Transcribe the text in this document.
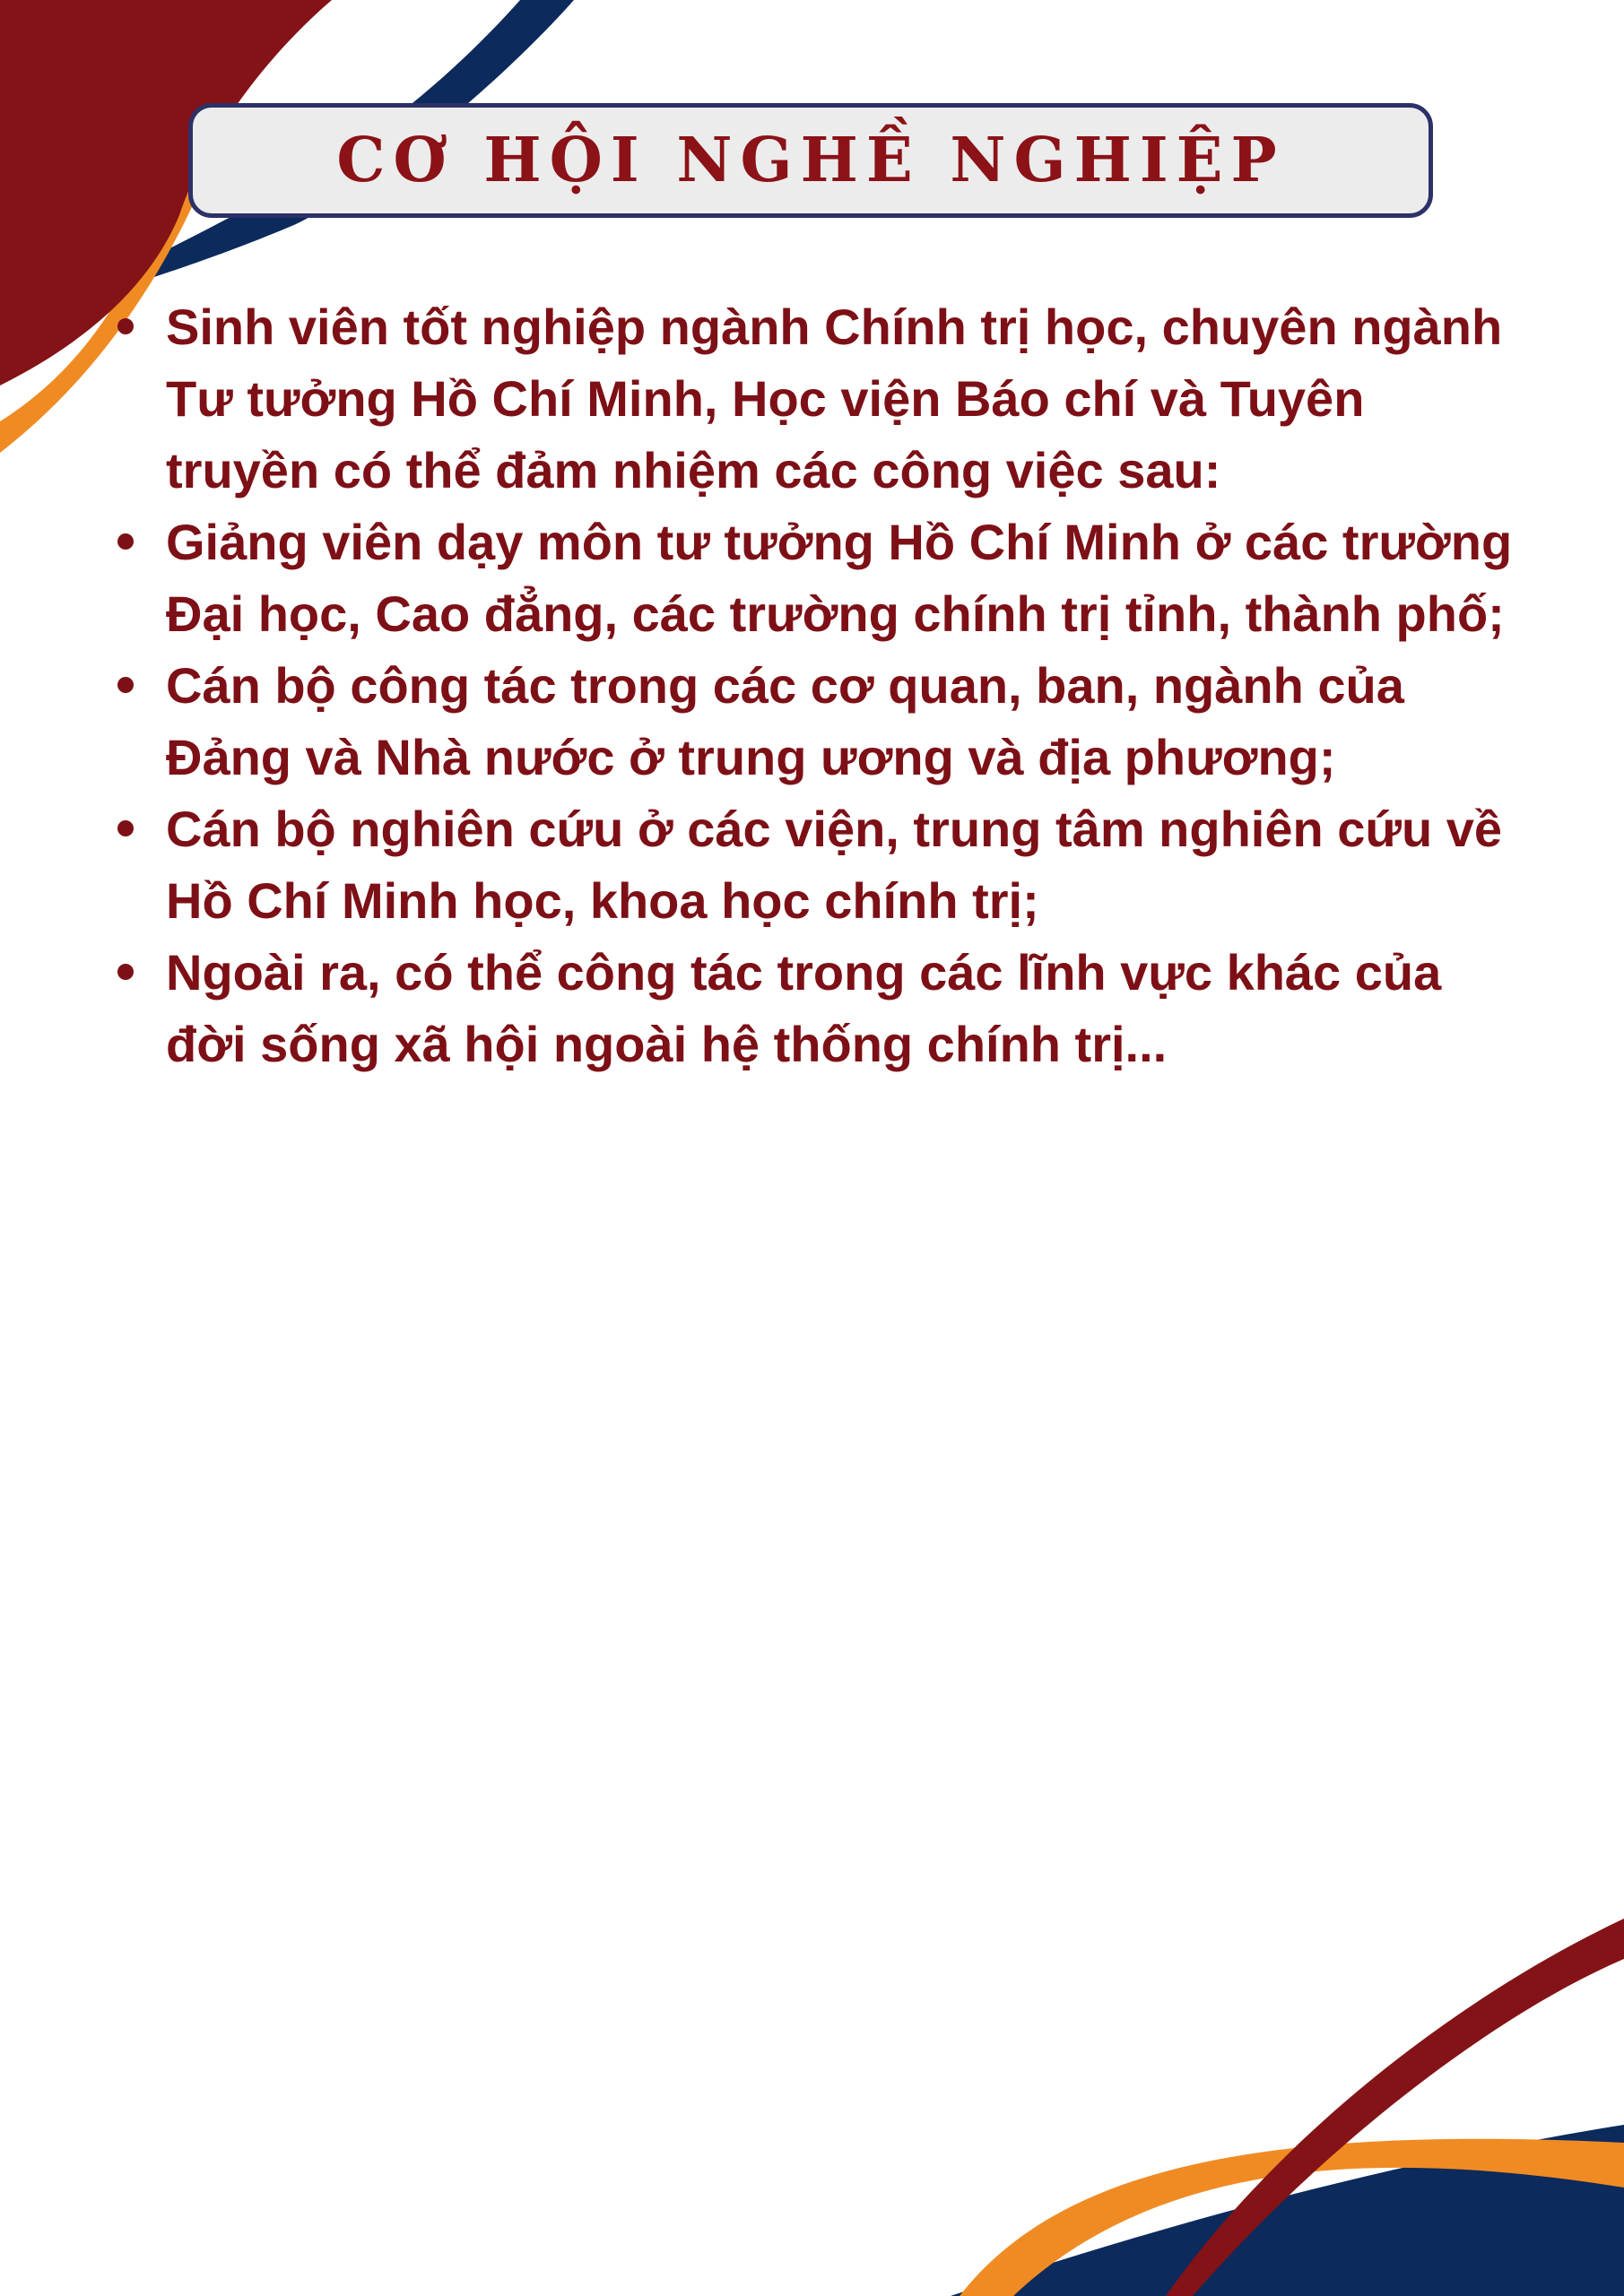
CƠ HỘI NGHỀ NGHIỆP
Sinh viên tốt nghiệp ngành Chính trị học, chuyên ngành
Tư tưởng Hồ Chí Minh, Học viện Báo chí và Tuyên
truyền có thể đảm nhiệm các công việc sau:
Giảng viên dạy môn tư tưởng Hồ Chí Minh ở các trường
Đại học, Cao đẳng, các trường chính trị tỉnh, thành phố;
Cán bộ công tác trong các cơ quan, ban, ngành của
Đảng và Nhà nước ở trung ương và địa phương;
Cán bộ nghiên cứu ở các viện, trung tâm nghiên cứu về
Hồ Chí Minh học, khoa học chính trị;
Ngoài ra, có thể công tác trong các lĩnh vực khác của
đời sống xã hội ngoài hệ thống chính trị...
